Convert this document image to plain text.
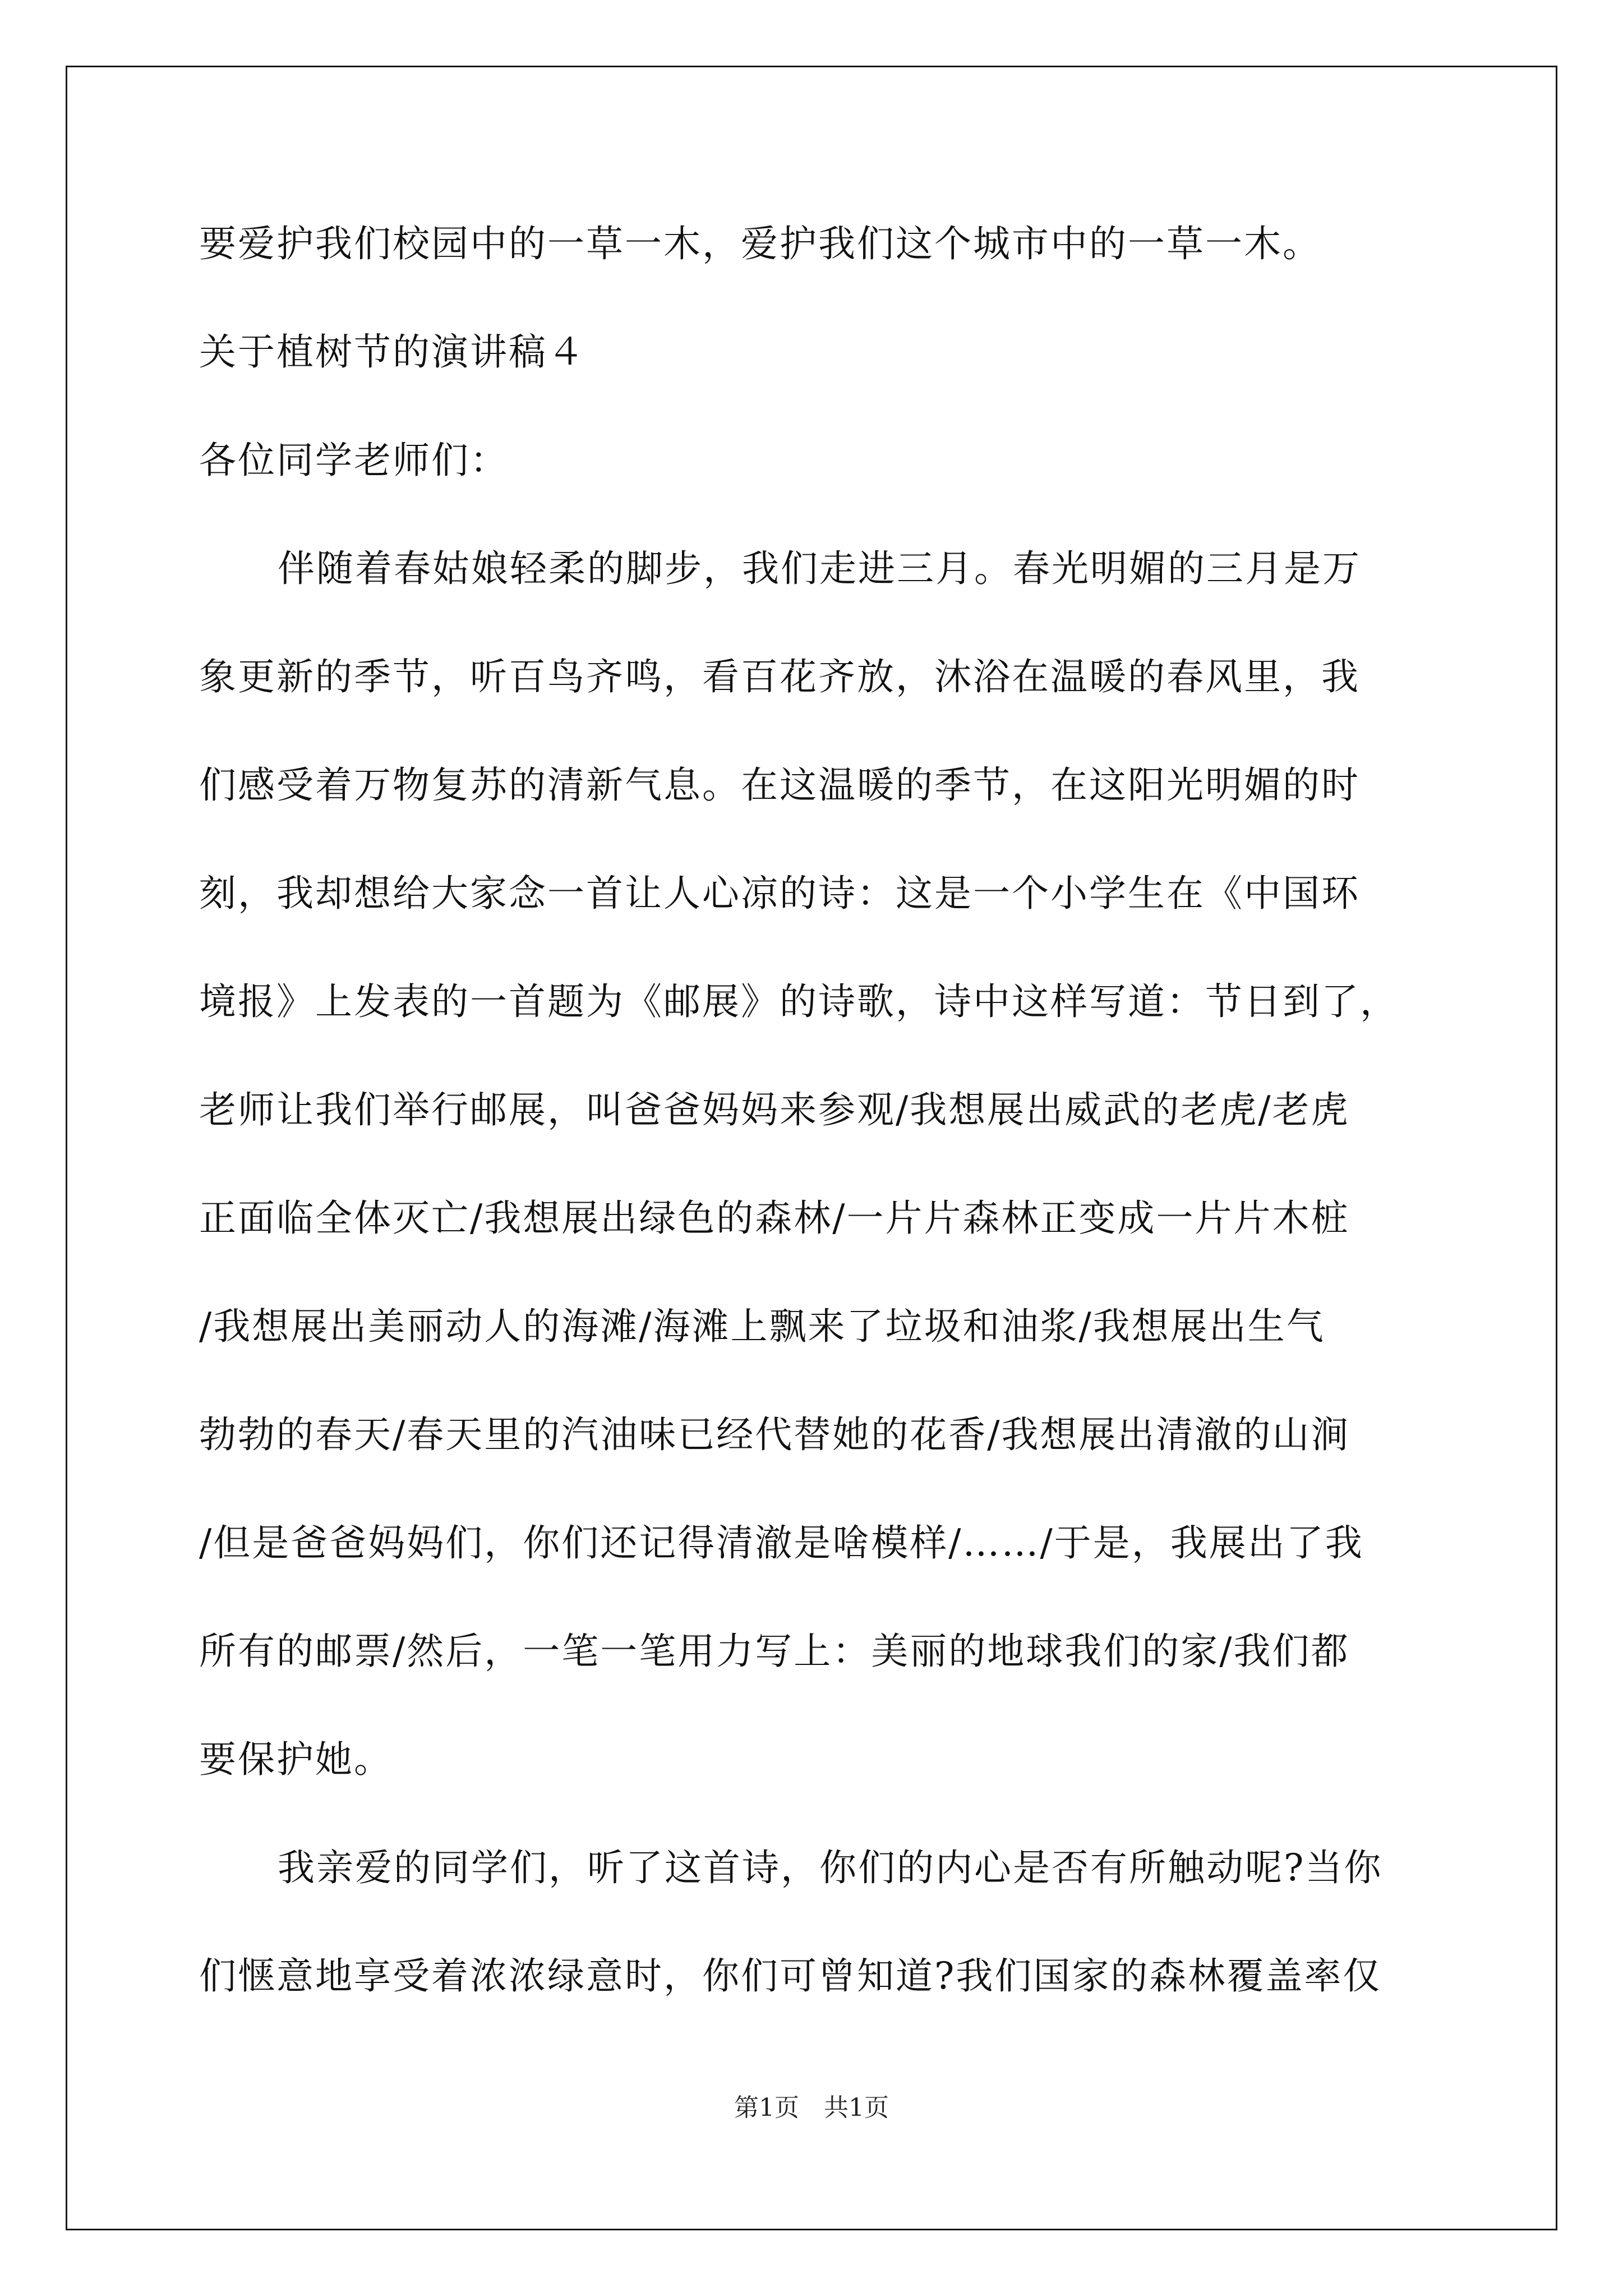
要爱护我们校园中的一草一木，爱护我们这个城市中的一草一木。
关于植树节的演讲稿４
各位同学老师们：
伴随着春姑娘轻柔的脚步，我们走进三月。春光明媚的三月是万
象更新的季节，听百鸟齐鸣，看百花齐放，沐浴在温暖的春风里，我
们感受着万物复苏的清新气息。在这温暖的季节，在这阳光明媚的时
刻，我却想给大家念一首让人心凉的诗：这是一个小学生在《中国环
境报》上发表的一首题为《邮展》的诗歌，诗中这样写道：节日到了，
老师让我们举行邮展，叫爸爸妈妈来参观/我想展出威武的老虎/老虎
正面临全体灭亡/我想展出绿色的森林/一片片森林正变成一片片木桩
/我想展出美丽动人的海滩/海滩上飘来了垃圾和油浆/我想展出生气
勃勃的春天/春天里的汽油味已经代替她的花香/我想展出清澈的山涧
/但是爸爸妈妈们，你们还记得清澈是啥模样/……/于是，我展出了我
所有的邮票/然后，一笔一笔用力写上：美丽的地球我们的家/我们都
要保护她。
我亲爱的同学们，听了这首诗，你们的内心是否有所触动呢?当你
们惬意地享受着浓浓绿意时，你们可曾知道?我们国家的森林覆盖率仅
第1页　共1页
